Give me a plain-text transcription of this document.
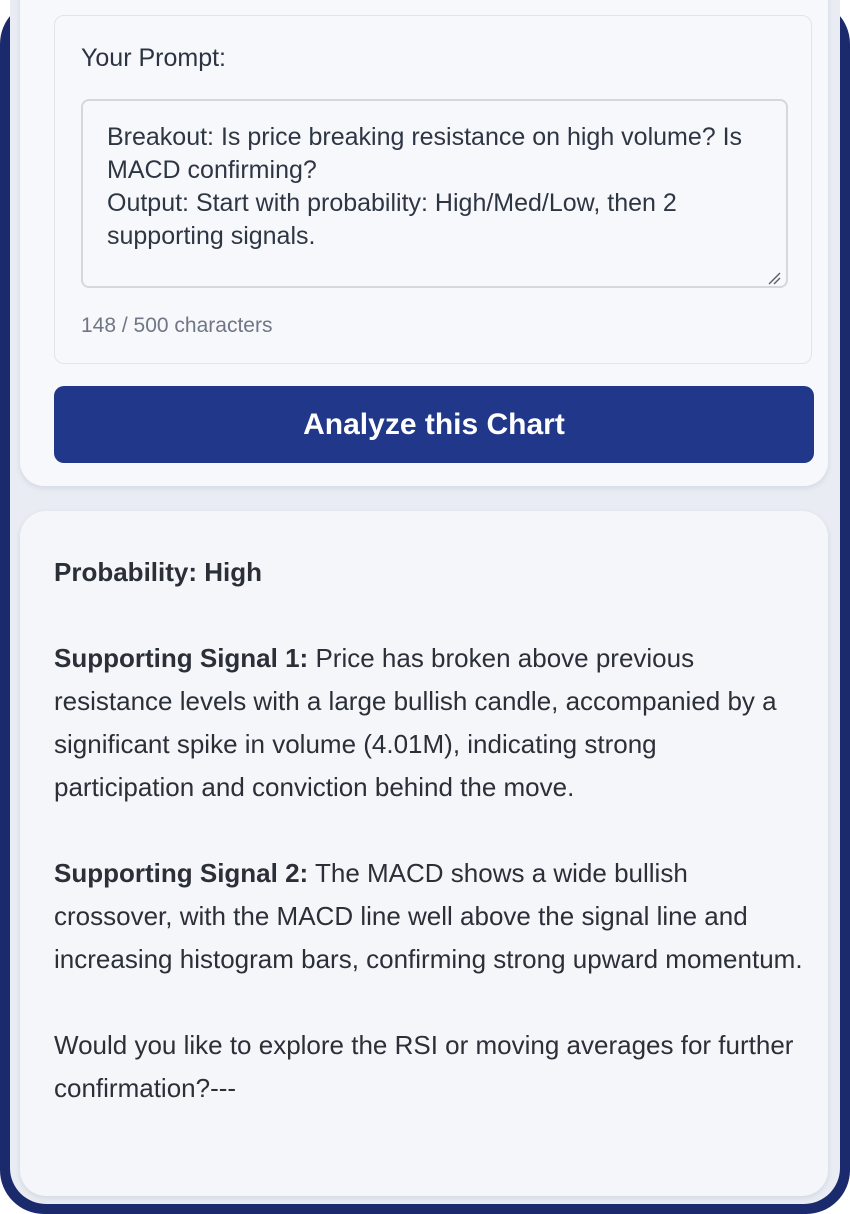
Your Prompt:
Breakout: Is price breaking resistance on high volume? Is MACD confirming?
Output: Start with probability: High/Med/Low, then 2 supporting signals.
148 / 500 characters
Analyze this Chart

Probability: High

Supporting Signal 1: Price has broken above previous resistance levels with a large bullish candle, accompanied by a significant spike in volume (4.01M), indicating strong participation and conviction behind the move.

Supporting Signal 2: The MACD shows a wide bullish crossover, with the MACD line well above the signal line and increasing histogram bars, confirming strong upward momentum.

Would you like to explore the RSI or moving averages for further confirmation?---
